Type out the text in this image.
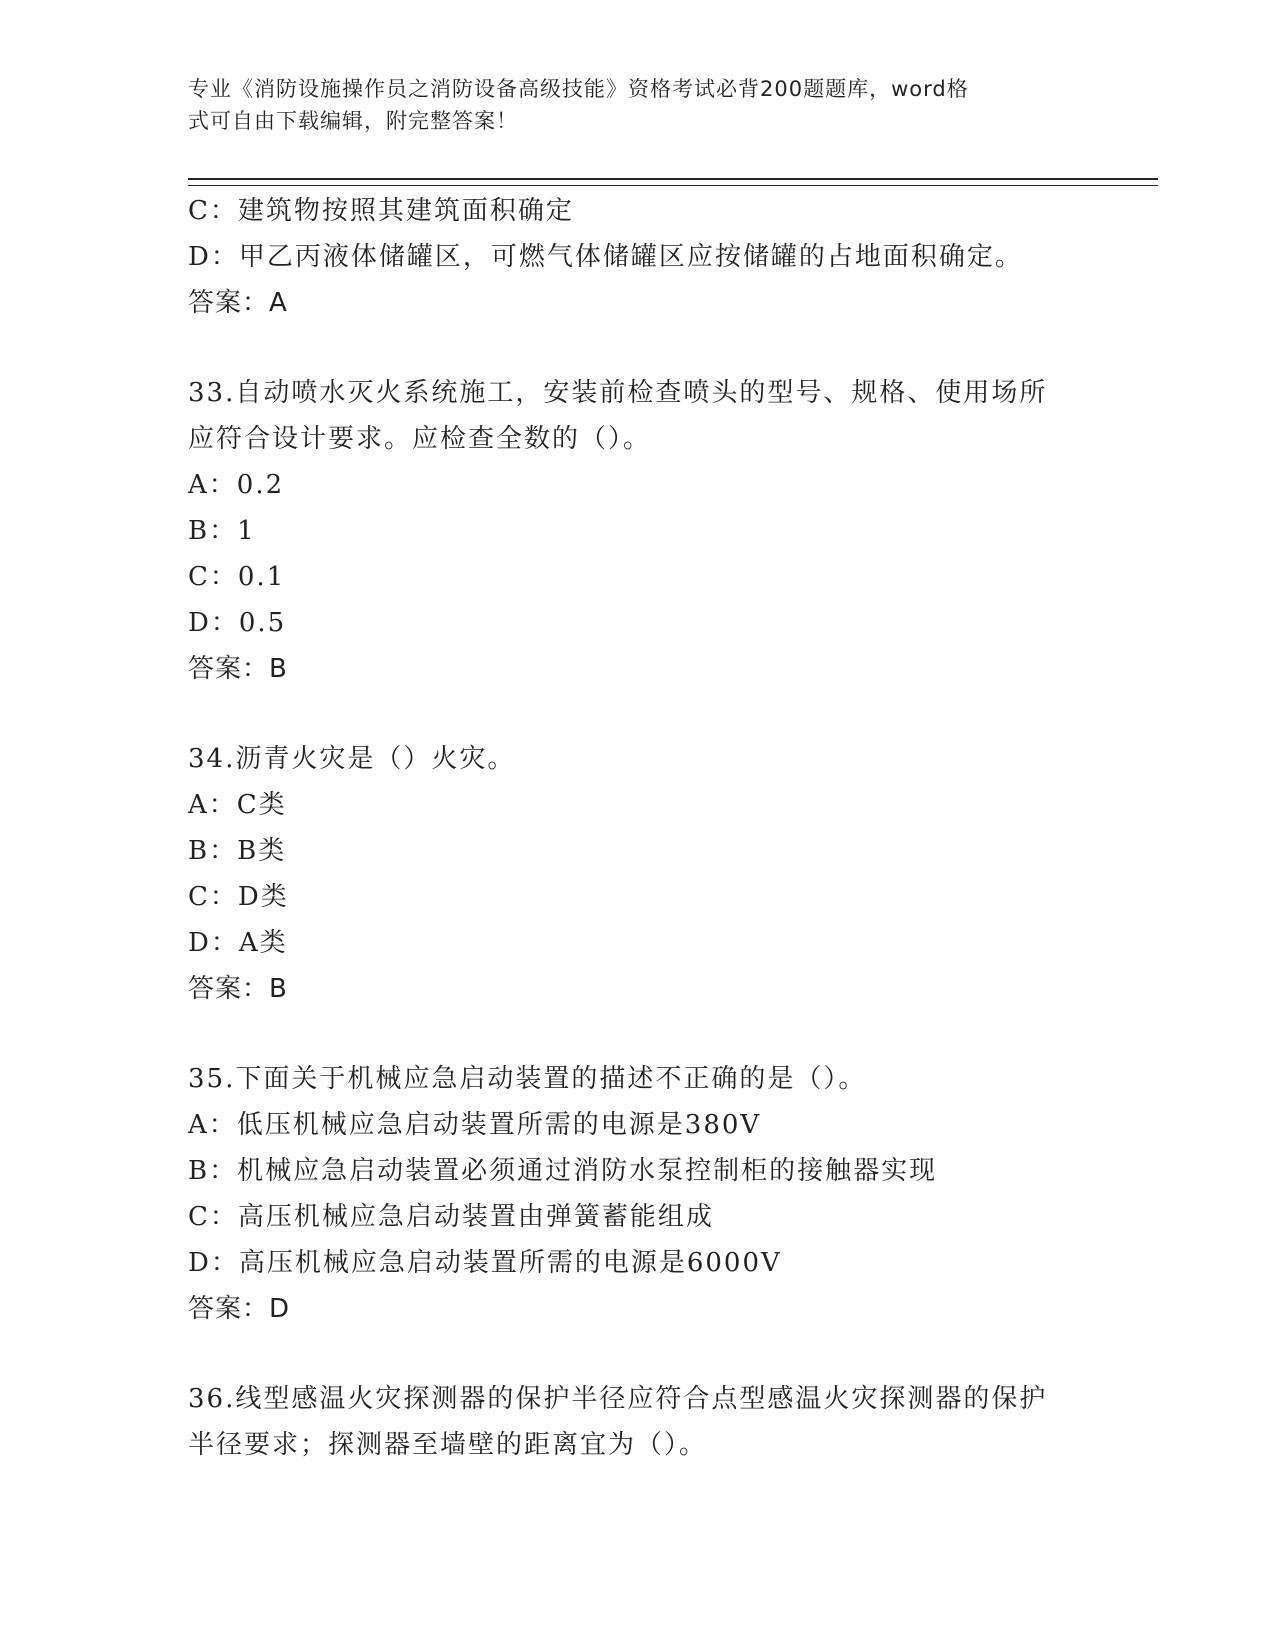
专业《消防设施操作员之消防设备高级技能》资格考试必背200题题库，word格
式可自由下载编辑，附完整答案！
C：建筑物按照其建筑面积确定
D：甲乙丙液体储罐区，可燃气体储罐区应按储罐的占地面积确定。
答案：A
33.自动喷水灭火系统施工，安装前检查喷头的型号、规格、使用场所
应符合设计要求。应检查全数的（）。
A：0.2
B：1
C：0.1
D：0.5
答案：B
34.沥青火灾是（）火灾。
A：C类
B：B类
C：D类
D：A类
答案：B
35.下面关于机械应急启动装置的描述不正确的是（）。
A：低压机械应急启动装置所需的电源是380V
B：机械应急启动装置必须通过消防水泵控制柜的接触器实现
C：高压机械应急启动装置由弹簧蓄能组成
D：高压机械应急启动装置所需的电源是6000V
答案：D
36.线型感温火灾探测器的保护半径应符合点型感温火灾探测器的保护
半径要求；探测器至墙壁的距离宜为（）。
